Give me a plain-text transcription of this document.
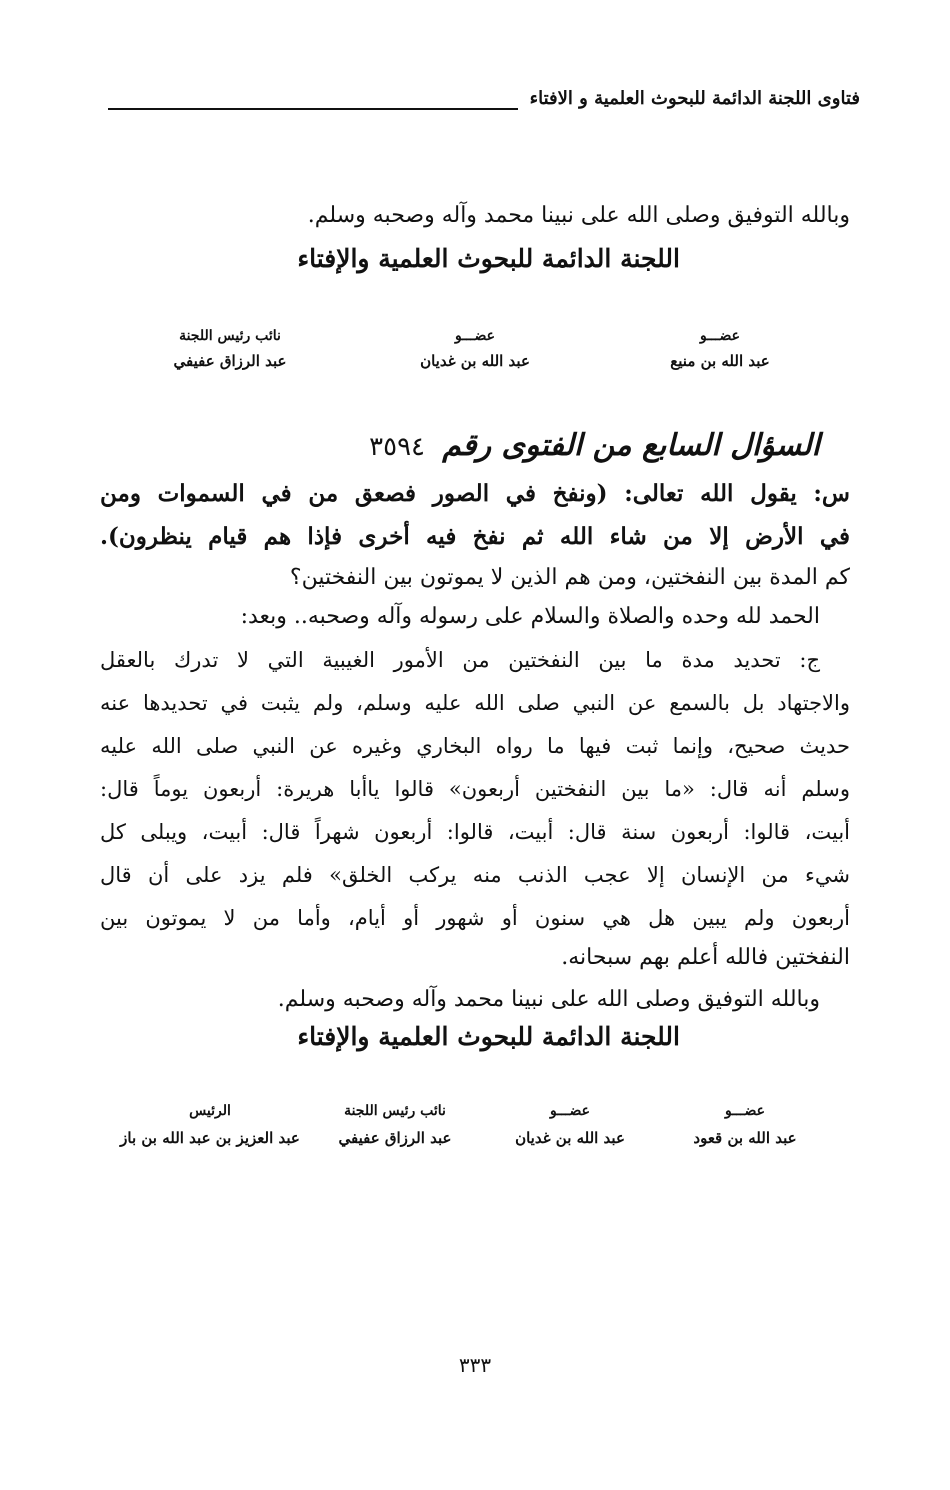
فتاوى اللجنة الدائمة للبحوث العلمية و الافتاء
وبالله التوفيق وصلى الله على نبينا محمد وآله وصحبه وسلم.
اللجنة الدائمة للبحوث العلمية والإفتاء
عضـــو
عبد الله بن منيع
عضـــو
عبد الله بن غديان
نائب رئيس اللجنة
عبد الرزاق عفيفي
السؤال السابع من الفتوى رقم
٣٥٩٤
س: يقول الله تعالى: (ونفخ في الصور فصعق من في السموات ومن
في الأرض إلا من شاء الله ثم نفخ فيه أخرى فإذا هم قيام ينظرون).
كم المدة بين النفختين، ومن هم الذين لا يموتون بين النفختين؟
الحمد لله وحده والصلاة والسلام على رسوله وآله وصحبه.. وبعد:
ج: تحديد مدة ما بين النفختين من الأمور الغيبية التي لا تدرك بالعقل
والاجتهاد بل بالسمع عن النبي صلى الله عليه وسلم، ولم يثبت في تحديدها عنه
حديث صحيح، وإنما ثبت فيها ما رواه البخاري وغيره عن النبي صلى الله عليه
وسلم أنه قال: «ما بين النفختين أربعون» قالوا ياأبا هريرة: أربعون يوماً قال:
أبيت، قالوا: أربعون سنة قال: أبيت، قالوا: أربعون شهراً قال: أبيت، ويبلى كل
شيء من الإنسان إلا عجب الذنب منه يركب الخلق» فلم يزد على أن قال
أربعون ولم يبين هل هي سنون أو شهور أو أيام، وأما من لا يموتون بين
النفختين فالله أعلم بهم سبحانه.
وبالله التوفيق وصلى الله على نبينا محمد وآله وصحبه وسلم.
اللجنة الدائمة للبحوث العلمية والإفتاء
عضـــو
عبد الله بن قعود
عضـــو
عبد الله بن غديان
نائب رئيس اللجنة
عبد الرزاق عفيفي
الرئيس
عبد العزيز بن عبد الله بن باز
٣٣٣
